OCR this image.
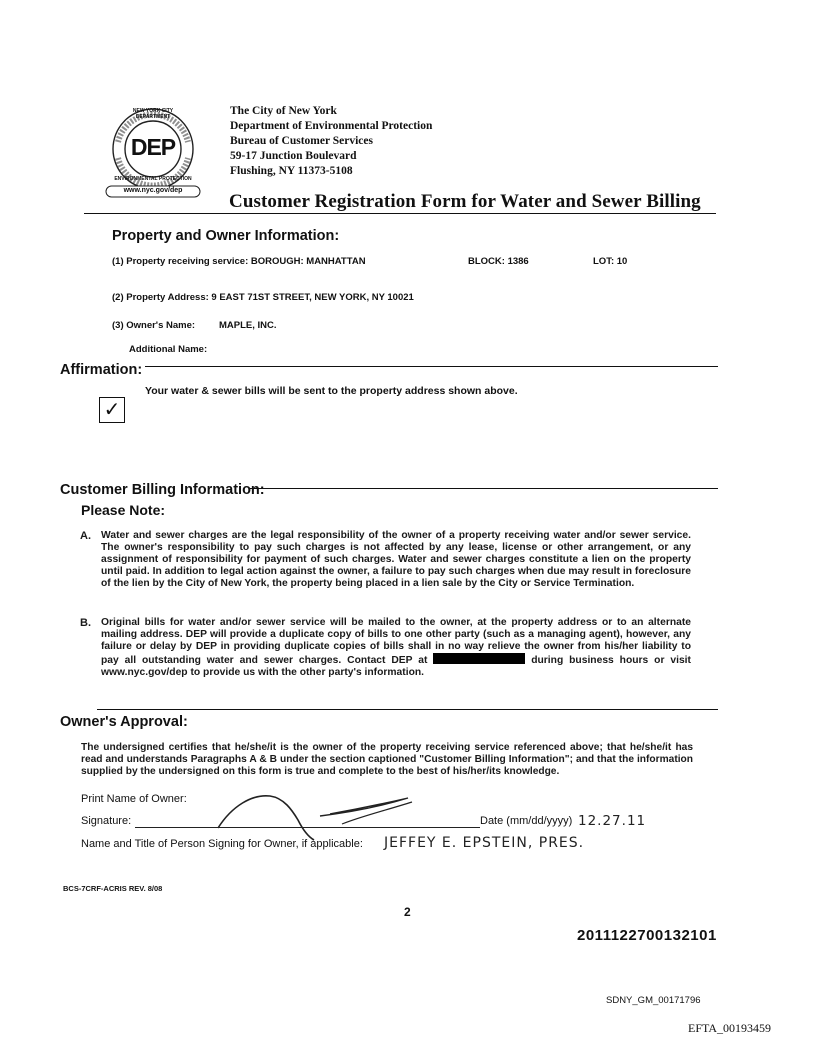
DEP
NEW YORK CITY DEPARTMENT
ENVIRONMENTAL PROTECTION
www.nyc.gov/dep
The City of New York
Department of Environmental Protection
Bureau of Customer Services
59-17 Junction Boulevard
Flushing, NY 11373-5108
Customer Registration Form for Water and Sewer Billing
Property and Owner Information:
(1) Property receiving service: BOROUGH: MANHATTAN	BLOCK: 1386	LOT: 10
(2) Property Address: 9 EAST 71ST STREET, NEW YORK, NY 10021
(3) Owner's Name:	MAPLE, INC.
Additional Name:
Affirmation:
Your water & sewer bills will be sent to the property address shown above.
✓
Customer Billing Information:
Please Note:
A. Water and sewer charges are the legal responsibility of the owner of a property receiving water and/or sewer service. The owner's responsibility to pay such charges is not affected by any lease, license or other arrangement, or any assignment of responsibility for payment of such charges. Water and sewer charges constitute a lien on the property until paid. In addition to legal action against the owner, a failure to pay such charges when due may result in foreclosure of the lien by the City of New York, the property being placed in a lien sale by the City or Service Termination.
B. Original bills for water and/or sewer service will be mailed to the owner, at the property address or to an alternate mailing address. DEP will provide a duplicate copy of bills to one other party (such as a managing agent), however, any failure or delay by DEP in providing duplicate copies of bills shall in no way relieve the owner from his/her liability to pay all outstanding water and sewer charges. Contact DEP at	during business hours or visit www.nyc.gov/dep to provide us with the other party's information.
Owner's Approval:
The undersigned certifies that he/she/it is the owner of the property receiving service referenced above; that he/she/it has read and understands Paragraphs A & B under the section captioned "Customer Billing Information"; and that the information supplied by the undersigned on this form is true and complete to the best of his/her/its knowledge.
Print Name of Owner:
Signature:	Date (mm/dd/yyyy) 12.27.11
Name and Title of Person Signing for Owner, if applicable: JEFFEY E. EPSTEIN, PRES.
BCS-7CRF-ACRIS REV. 8/08
2
2011122700132101
SDNY_GM_00171796
EFTA_00193459
